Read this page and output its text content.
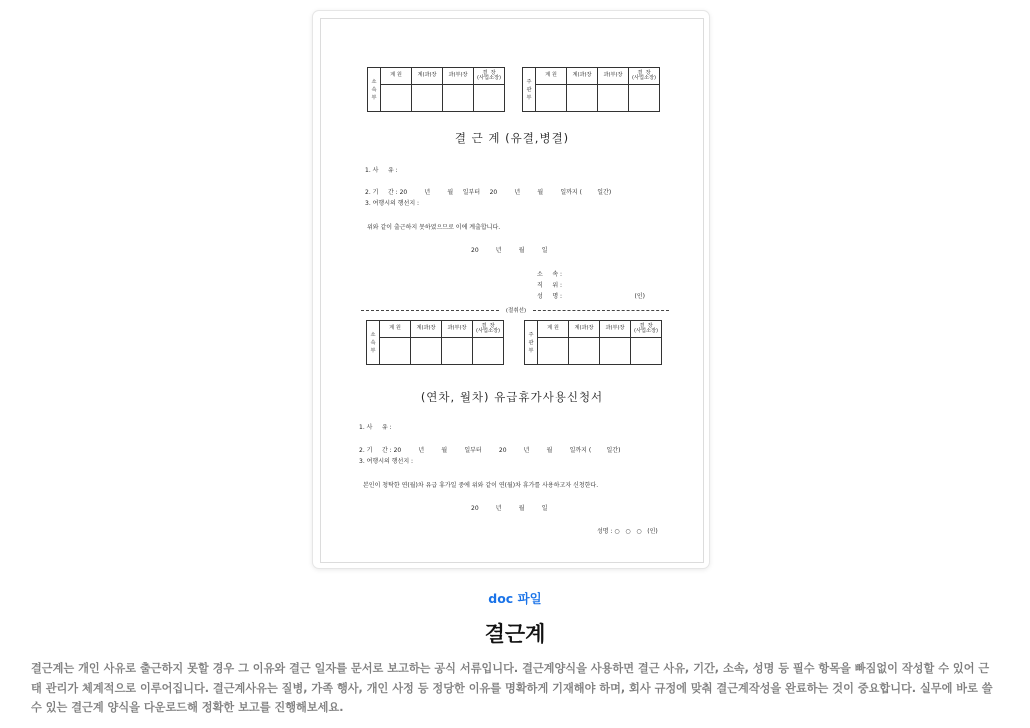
소
속
부	계 원	계(과)장	과(부)장	결  장
(사업소장)

주
관
부	계 원	계(과)장	과(부)장	결  장
(사업소장)

결 근 계 (유결,병결)
1. 사     유 :
2. 기     간 : 20         년         월     일부터     20         년         월         일까지 (        일간)
3. 여행시의 행선지 :
위와 같이 출근하지 못하였으므로 이에 계출합니다.
20         년         월         일
소     속 :
직     위 :
성     명 :                                      (인)
(절취선)
소
속
부	계 원	계(과)장	과(부)장	결  장
(사업소장)

주
관
부	계 원	계(과)장	과(부)장	결  장
(사업소장)

(연차, 월차) 유급휴가사용신청서
1. 사     유 :
2. 기     간 : 20         년         월         일부터         20         년         월         일까지 (        일간)
3. 여행시의 행선지 :
본인이 청탁한 연(월)차 유급 휴가일 중에 위와 같이 연(월)차 휴가를 사용하고자 신청한다.
20         년         월         일
성명 : ○   ○   ○   (인)
doc 파일
결근계
결근계는 개인 사유로 출근하지 못할 경우 그 이유와 결근 일자를 문서로 보고하는 공식 서류입니다. 결근계양식을 사용하면 결근 사유, 기간, 소속, 성명 등 필수 항목을 빠짐없이 작성할 수 있어 근태 관리가 체계적으로 이루어집니다. 결근계사유는 질병, 가족 행사, 개인 사정 등 정당한 이유를 명확하게 기재해야 하며, 회사 규정에 맞춰 결근계작성을 완료하는 것이 중요합니다. 실무에 바로 쓸 수 있는 결근계 양식을 다운로드해 정확한 보고를 진행해보세요.
